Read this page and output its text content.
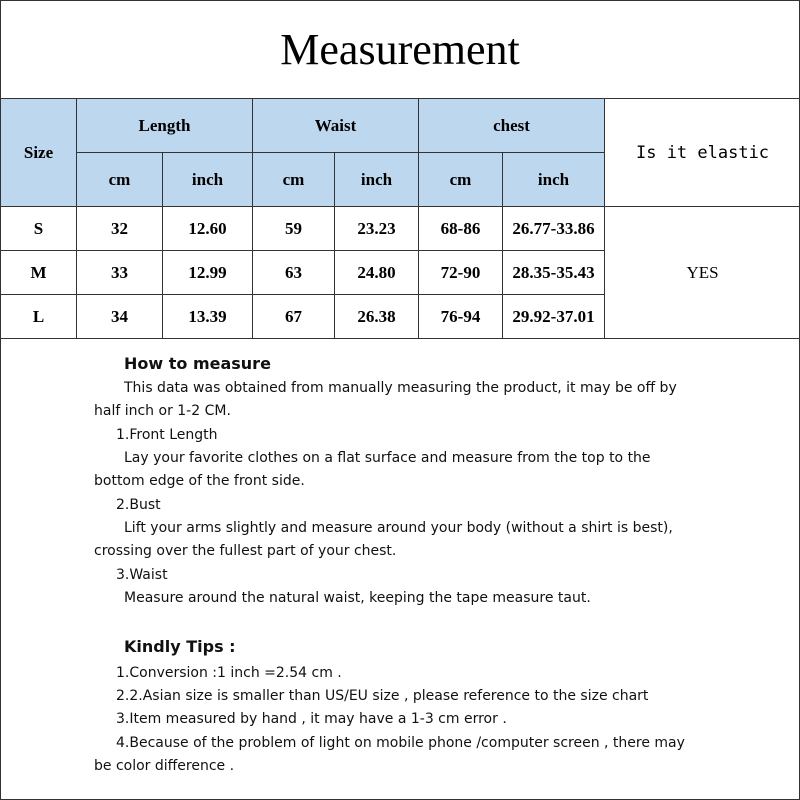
Measurement
Size	Length		Waist		chest		Is it elastic
	cm	inch	cm	inch	cm	inch	
S	32	12.60	59	23.23	68-86	26.77-33.86	YES
M	33	12.99	63	24.80	72-90	28.35-35.43	
L	34	13.39	67	26.38	76-94	29.92-37.01	
How to measure
This data was obtained from manually measuring the product, it may be off by
half inch or 1-2 CM.
1.Front Length
Lay your favorite clothes on a flat surface and measure from the top to the
bottom edge of the front side.
2.Bust
Lift your arms slightly and measure around your body (without a shirt is best),
crossing over the fullest part of your chest.
3.Waist
Measure around the natural waist, keeping the tape measure taut.
Kindly Tips :
1.Conversion :1 inch =2.54 cm .
2.2.Asian size is smaller than US/EU size , please reference to the size chart
3.Item measured by hand , it may have a 1-3 cm error .
4.Because of the problem of light on mobile phone /computer screen , there may
be color difference .
